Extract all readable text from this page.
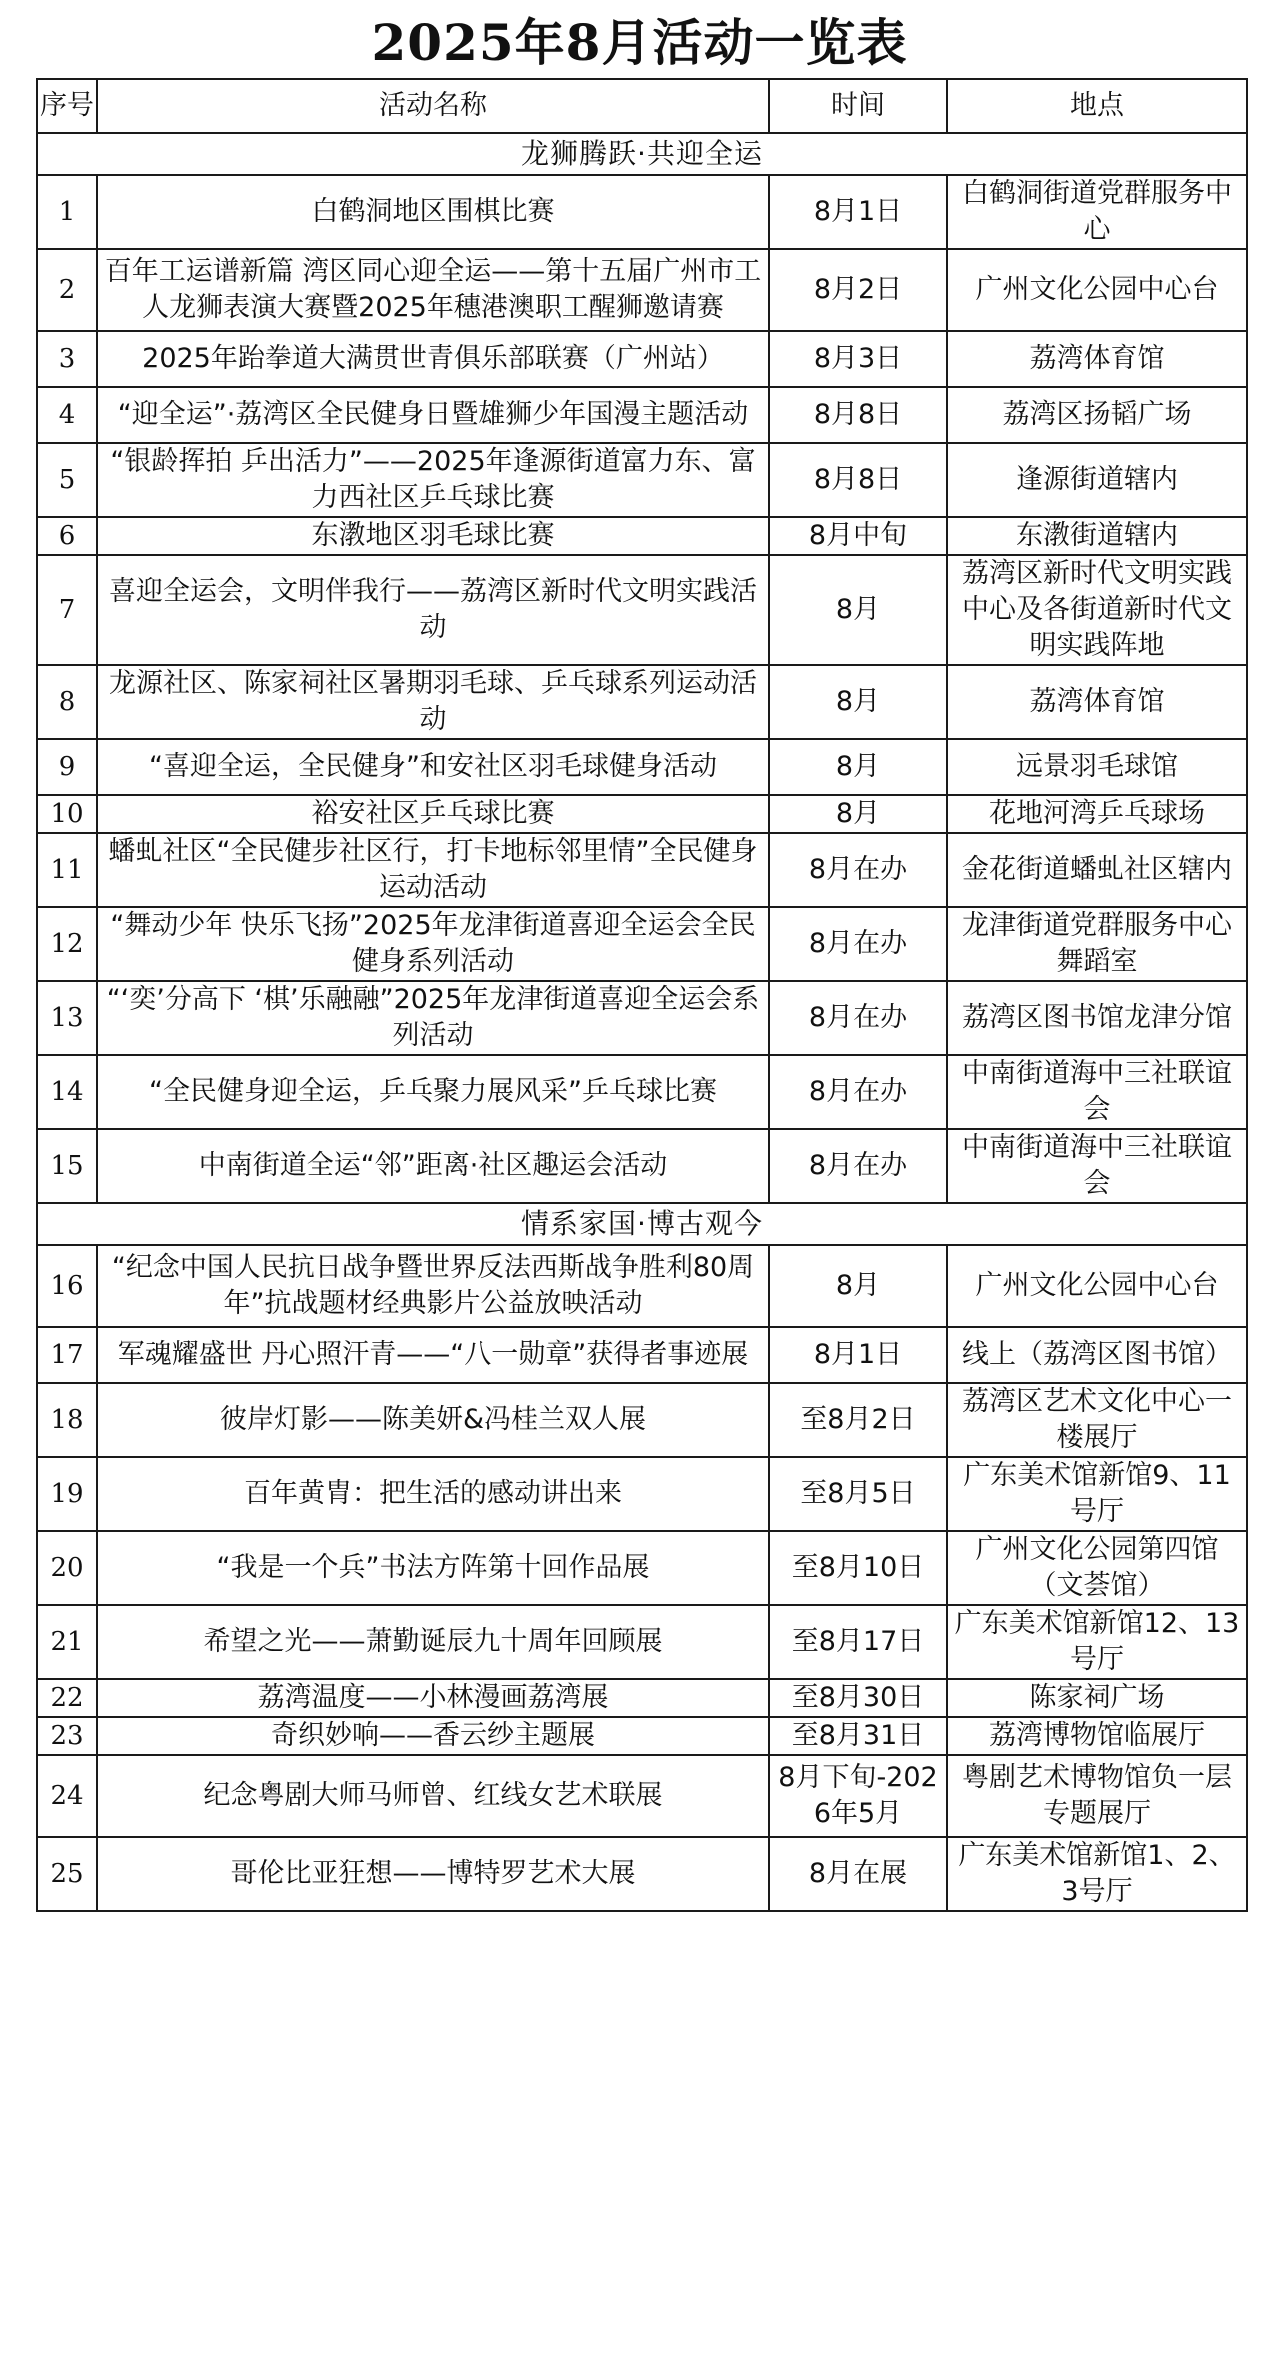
2025年8月活动一览表
序号	活动名称	时间	地点
龙狮腾跃·共迎全运			
1	白鹤洞地区围棋比赛	8月1日	白鹤洞街道党群服务中心
2	百年工运谱新篇 湾区同心迎全运——第十五届广州市工人龙狮表演大赛暨2025年穗港澳职工醒狮邀请赛	8月2日	广州文化公园中心台
3	2025年跆拳道大满贯世青俱乐部联赛（广州站）	8月3日	荔湾体育馆
4	“迎全运”·荔湾区全民健身日暨雄狮少年国漫主题活动	8月8日	荔湾区扬韬广场
5	“银龄挥拍 乒出活力”——2025年逢源街道富力东、富力西社区乒乓球比赛	8月8日	逢源街道辖内
6	东漖地区羽毛球比赛	8月中旬	东漖街道辖内
7	喜迎全运会，文明伴我行——荔湾区新时代文明实践活动	8月	荔湾区新时代文明实践中心及各街道新时代文明实践阵地
8	龙源社区、陈家祠社区暑期羽毛球、乒乓球系列运动活动	8月	荔湾体育馆
9	“喜迎全运，全民健身”和安社区羽毛球健身活动	8月	远景羽毛球馆
10	裕安社区乒乓球比赛	8月	花地河湾乒乓球场
11	蟠虬社区“全民健步社区行，打卡地标邻里情”全民健身运动活动	8月在办	金花街道蟠虬社区辖内
12	“舞动少年 快乐飞扬”2025年龙津街道喜迎全运会全民健身系列活动	8月在办	龙津街道党群服务中心舞蹈室
13	“‘奕’分高下 ‘棋’乐融融”2025年龙津街道喜迎全运会系列活动	8月在办	荔湾区图书馆龙津分馆
14	“全民健身迎全运，乒乓聚力展风采”乒乓球比赛	8月在办	中南街道海中三社联谊会
15	中南街道全运“邻”距离·社区趣运会活动	8月在办	中南街道海中三社联谊会
情系家国·博古观今			
16	“纪念中国人民抗日战争暨世界反法西斯战争胜利80周年”抗战题材经典影片公益放映活动	8月	广州文化公园中心台
17	军魂耀盛世 丹心照汗青——“八一勋章”获得者事迹展	8月1日	线上（荔湾区图书馆）
18	彼岸灯影——陈美妍&冯桂兰双人展	至8月2日	荔湾区艺术文化中心一楼展厅
19	百年黄胄：把生活的感动讲出来	至8月5日	广东美术馆新馆9、11号厅
20	“我是一个兵”书法方阵第十回作品展	至8月10日	广州文化公园第四馆（文荟馆）
21	希望之光——萧勤诞辰九十周年回顾展	至8月17日	广东美术馆新馆12、13号厅
22	荔湾温度——小林漫画荔湾展	至8月30日	陈家祠广场
23	奇织妙响——香云纱主题展	至8月31日	荔湾博物馆临展厅
24	纪念粤剧大师马师曾、红线女艺术联展	8月下旬-2026年5月	粤剧艺术博物馆负一层专题展厅
25	哥伦比亚狂想——博特罗艺术大展	8月在展	广东美术馆新馆1、2、3号厅
